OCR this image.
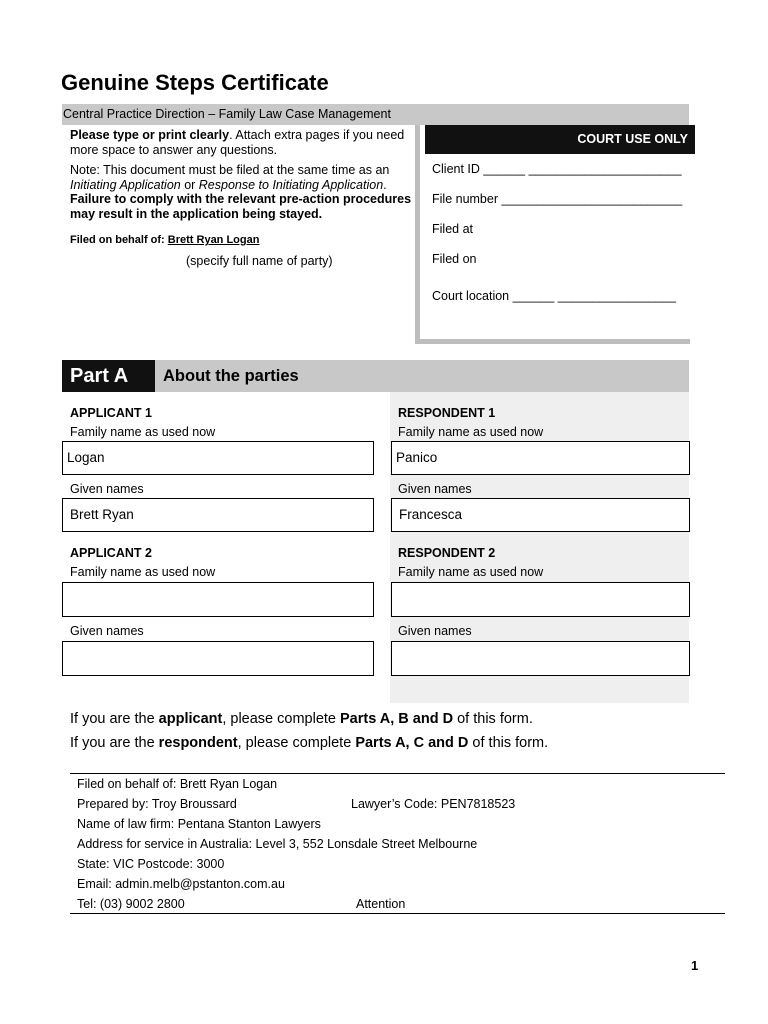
Genuine Steps Certificate
Central Practice Direction – Family Law Case Management

Please type or print clearly. Attach extra pages if you need more space to answer any questions.

Note: This document must be filed at the same time as an Initiating Application or Response to Initiating Application.
Failure to comply with the relevant pre-action procedures may result in the application being stayed.

Filed on behalf of: Brett Ryan Logan
(specify full name of party)
COURT USE ONLY
Client ID ______ ______________________
File number __________________________
Filed at
Filed on
Court location ______ _________________
Part A	About the parties
APPLICANT 1
Family name as used now
Logan
Given names
Brett Ryan
RESPONDENT 1
Family name as used now
Panico
Given names
Francesca
APPLICANT 2
Family name as used now
Given names
RESPONDENT 2
Family name as used now
Given names
If you are the applicant, please complete Parts A, B and D of this form.
If you are the respondent, please complete Parts A, C and D of this form.
Filed on behalf of: Brett Ryan Logan
Prepared by: Troy Broussard	Lawyer’s Code: PEN7818523
Name of law firm: Pentana Stanton Lawyers
Address for service in Australia: Level 3, 552 Lonsdale Street Melbourne
State: VIC Postcode: 3000
Email: admin.melb@pstanton.com.au
Tel: (03) 9002 2800	Attention
1
